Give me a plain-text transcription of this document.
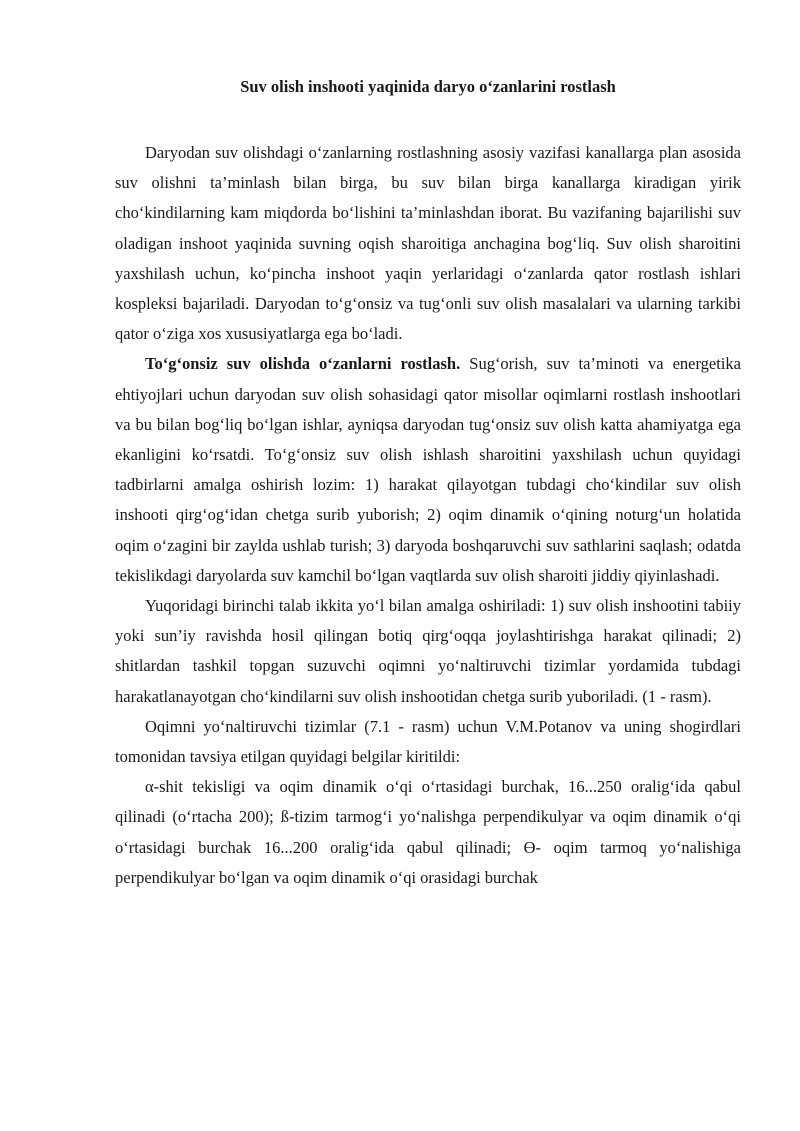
Suv olish inshooti yaqinida daryo o‘zanlarini rostlash

Daryodan suv olishdagi o‘zanlarning rostlashning asosiy vazifasi kanallarga plan asosida suv olishni ta’minlash bilan birga, bu suv bilan birga kanallarga kiradigan yirik cho‘kindilarning kam miqdorda bo‘lishini ta’minlashdan iborat. Bu vazifaning bajarilishi suv oladigan inshoot yaqinida suvning oqish sharoitiga anchagina bog‘liq. Suv olish sharoitini yaxshilash uchun, ko‘pincha inshoot yaqin yerlaridagi o‘zanlarda qator rostlash ishlari kospleksi bajariladi. Daryodan to‘g‘onsiz va tug‘onli suv olish masalalari va ularning tarkibi qator o‘ziga xos xususiyatlarga ega bo‘ladi.

To‘g‘onsiz suv olishda o‘zanlarni rostlash. Sug‘orish, suv ta’minoti va energetika ehtiyojlari uchun daryodan suv olish sohasidagi qator misollar oqimlarni rostlash inshootlari va bu bilan bog‘liq bo‘lgan ishlar, ayniqsa daryodan tug‘onsiz suv olish katta ahamiyatga ega ekanligini ko‘rsatdi. To‘g‘onsiz suv olish ishlash sharoitini yaxshilash uchun quyidagi tadbirlarni amalga oshirish lozim: 1) harakat qilayotgan tubdagi cho‘kindilar suv olish inshooti qirg‘og‘idan chetga surib yuborish; 2) oqim dinamik o‘qining noturg‘un holatida oqim o‘zagini bir zaylda ushlab turish; 3) daryoda boshqaruvchi suv sathlarini saqlash; odatda tekislikdagi daryolarda suv kamchil bo‘lgan vaqtlarda suv olish sharoiti jiddiy qiyinlashadi.

Yuqoridagi birinchi talab ikkita yo‘l bilan amalga oshiriladi: 1) suv olish inshootini tabiiy yoki sun’iy ravishda hosil qilingan botiq qirg‘oqqa joylashtirishga harakat qilinadi; 2) shitlardan tashkil topgan suzuvchi oqimni yo‘naltiruvchi tizimlar yordamida tubdagi harakatlanayotgan cho‘kindilarni suv olish inshootidan chetga surib yuboriladi. (1 - rasm).

Oqimni yo‘naltiruvchi tizimlar (7.1 - rasm) uchun V.M.Potanov va uning shogirdlari tomonidan tavsiya etilgan quyidagi belgilar kiritildi:

α-shit tekisligi va oqim dinamik o‘qi o‘rtasidagi burchak, 16...250 oralig‘ida qabul qilinadi (o‘rtacha 200); ß-tizim tarmog‘i yo‘nalishga perpendikulyar va oqim dinamik o‘qi o‘rtasidagi burchak 16...200 oralig‘ida qabul qilinadi; Ө- oqim tarmoq yo‘nalishiga perpendikulyar bo‘lgan va oqim dinamik o‘qi orasidagi burchak
